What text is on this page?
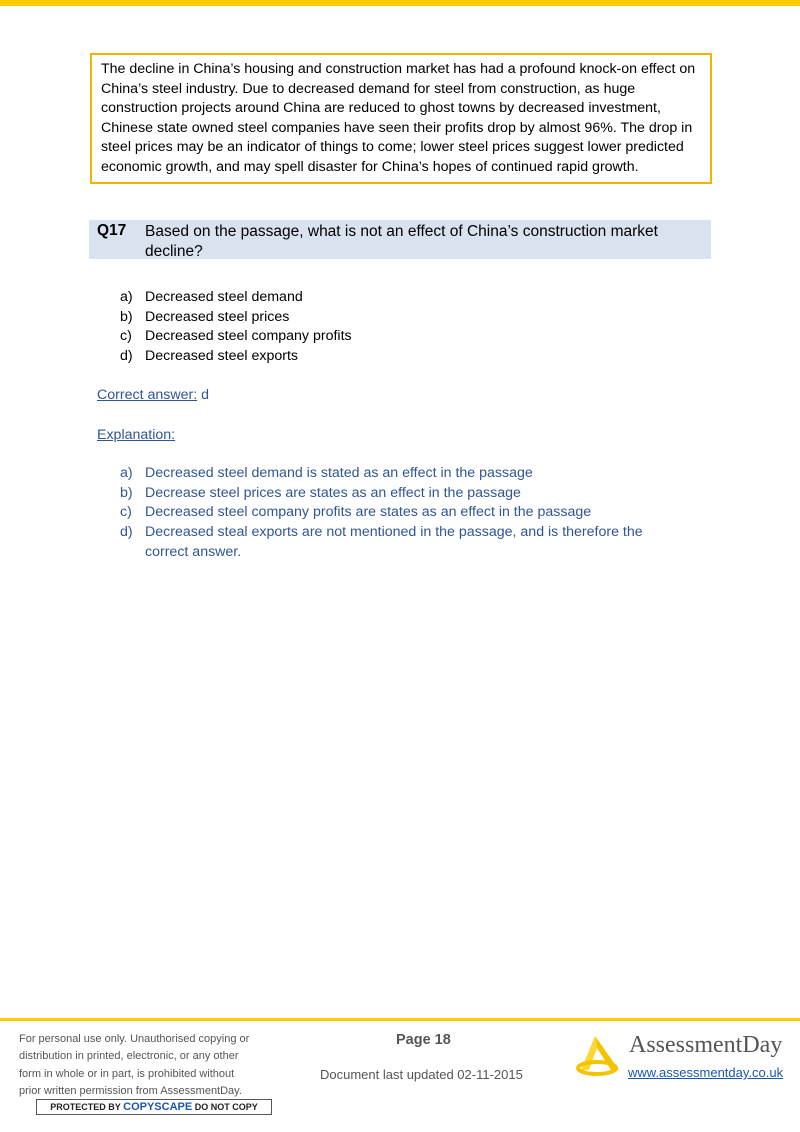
The decline in China’s housing and construction market has had a profound knock-on effect on China’s steel industry. Due to decreased demand for steel from construction, as huge construction projects around China are reduced to ghost towns by decreased investment, Chinese state owned steel companies have seen their profits drop by almost 96%. The drop in steel prices may be an indicator of things to come; lower steel prices suggest lower predicted economic growth, and may spell disaster for China’s hopes of continued rapid growth.
Q17 Based on the passage, what is not an effect of China’s construction market decline?
a) Decreased steel demand
b) Decreased steel prices
c) Decreased steel company profits
d) Decreased steel exports
Correct answer: d
Explanation:
a) Decreased steel demand is stated as an effect in the passage
b) Decrease steel prices are states as an effect in the passage
c) Decreased steel company profits are states as an effect in the passage
d) Decreased steal exports are not mentioned in the passage, and is therefore the correct answer.
For personal use only. Unauthorised copying or
distribution in printed, electronic, or any other
form in whole or in part, is prohibited without
prior written permission from AssessmentDay.
PROTECTED BY COPYSCAPE DO NOT COPY
Page 18
Document last updated 02-11-2015
AssessmentDay
www.assessmentday.co.uk
